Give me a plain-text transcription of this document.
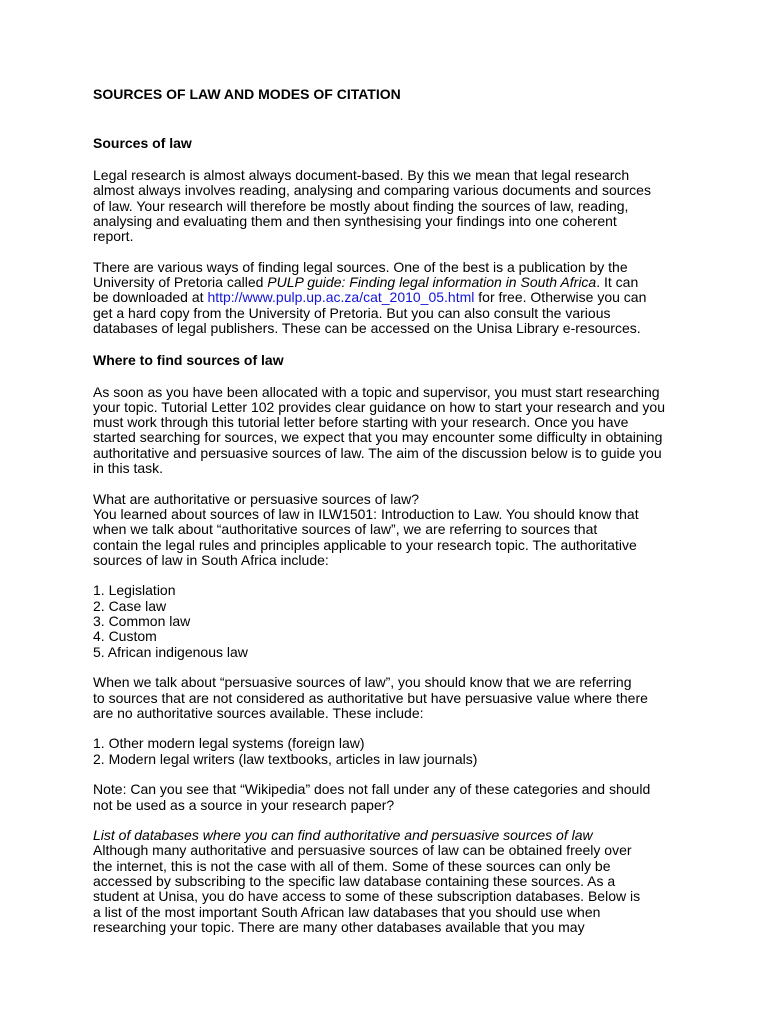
SOURCES OF LAW AND MODES OF CITATION
Sources of law

Legal research is almost always document-based. By this we mean that legal research
almost always involves reading, analysing and comparing various documents and sources
of law. Your research will therefore be mostly about finding the sources of law, reading,
analysing and evaluating them and then synthesising your findings into one coherent
report.

There are various ways of finding legal sources. One of the best is a publication by the
University of Pretoria called PULP guide: Finding legal information in South Africa. It can
be downloaded at http://www.pulp.up.ac.za/cat_2010_05.html for free. Otherwise you can
get a hard copy from the University of Pretoria. But you can also consult the various
databases of legal publishers. These can be accessed on the Unisa Library e-resources.

Where to find sources of law

As soon as you have been allocated with a topic and supervisor, you must start researching
your topic. Tutorial Letter 102 provides clear guidance on how to start your research and you
must work through this tutorial letter before starting with your research. Once you have
started searching for sources, we expect that you may encounter some difficulty in obtaining
authoritative and persuasive sources of law. The aim of the discussion below is to guide you
in this task.

What are authoritative or persuasive sources of law?
You learned about sources of law in ILW1501: Introduction to Law. You should know that
when we talk about “authoritative sources of law”, we are referring to sources that
contain the legal rules and principles applicable to your research topic. The authoritative
sources of law in South Africa include:

1. Legislation
2. Case law
3. Common law
4. Custom
5. African indigenous law

When we talk about “persuasive sources of law”, you should know that we are referring
to sources that are not considered as authoritative but have persuasive value where there
are no authoritative sources available. These include:

1. Other modern legal systems (foreign law)
2. Modern legal writers (law textbooks, articles in law journals)

Note: Can you see that “Wikipedia” does not fall under any of these categories and should
not be used as a source in your research paper?

List of databases where you can find authoritative and persuasive sources of law
Although many authoritative and persuasive sources of law can be obtained freely over
the internet, this is not the case with all of them. Some of these sources can only be
accessed by subscribing to the specific law database containing these sources. As a
student at Unisa, you do have access to some of these subscription databases. Below is
a list of the most important South African law databases that you should use when
researching your topic. There are many other databases available that you may
